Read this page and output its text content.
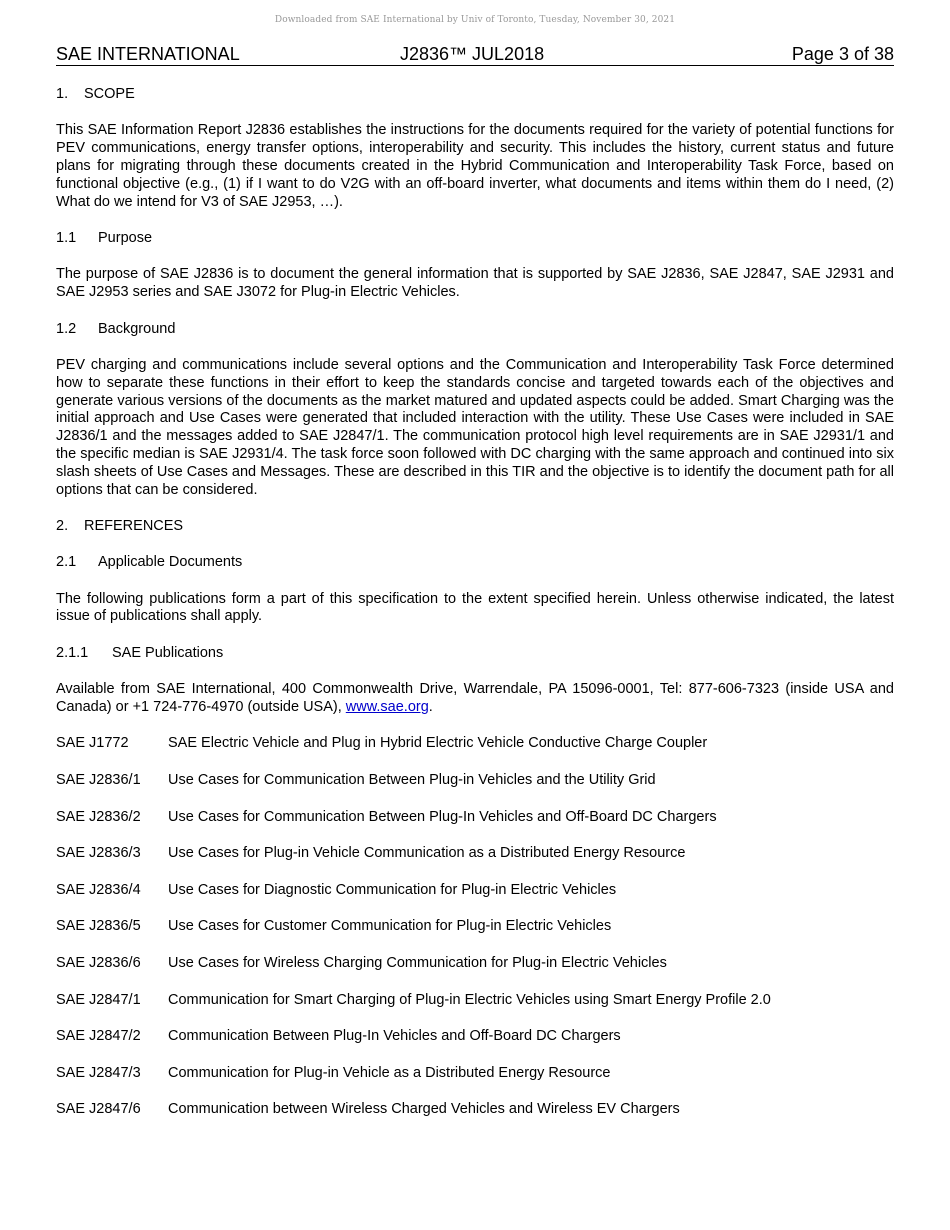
Downloaded from SAE International by Univ of Toronto, Tuesday, November 30, 2021
SAE INTERNATIONAL	J2836™ JUL2018	Page 3 of 38
1. SCOPE

This SAE Information Report J2836 establishes the instructions for the documents required for the variety of potential functions for PEV communications, energy transfer options, interoperability and security. This includes the history, current status and future plans for migrating through these documents created in the Hybrid Communication and Interoperability Task Force, based on functional objective (e.g., (1) if I want to do V2G with an off-board inverter, what documents and items within them do I need, (2) What do we intend for V3 of SAE J2953, …).

1.1 Purpose

The purpose of SAE J2836 is to document the general information that is supported by SAE J2836, SAE J2847, SAE J2931 and SAE J2953 series and SAE J3072 for Plug-in Electric Vehicles.

1.2 Background

PEV charging and communications include several options and the Communication and Interoperability Task Force determined how to separate these functions in their effort to keep the standards concise and targeted towards each of the objectives and generate various versions of the documents as the market matured and updated aspects could be added. Smart Charging was the initial approach and Use Cases were generated that included interaction with the utility. These Use Cases were included in SAE J2836/1 and the messages added to SAE J2847/1. The communication protocol high level requirements are in SAE J2931/1 and the specific median is SAE J2931/4. The task force soon followed with DC charging with the same approach and continued into six slash sheets of Use Cases and Messages. These are described in this TIR and the objective is to identify the document path for all options that can be considered.

2. REFERENCES
2.1 Applicable Documents

The following publications form a part of this specification to the extent specified herein. Unless otherwise indicated, the latest issue of publications shall apply.

2.1.1 SAE Publications

Available from SAE International, 400 Commonwealth Drive, Warrendale, PA 15096-0001, Tel: 877-606-7323 (inside USA and Canada) or +1 724-776-4970 (outside USA), www.sae.org.

SAE J1772	SAE Electric Vehicle and Plug in Hybrid Electric Vehicle Conductive Charge Coupler
SAE J2836/1 Use Cases for Communication Between Plug-in Vehicles and the Utility Grid
SAE J2836/2 Use Cases for Communication Between Plug-In Vehicles and Off-Board DC Chargers
SAE J2836/3 Use Cases for Plug-in Vehicle Communication as a Distributed Energy Resource
SAE J2836/4 Use Cases for Diagnostic Communication for Plug-in Electric Vehicles
SAE J2836/5 Use Cases for Customer Communication for Plug-in Electric Vehicles
SAE J2836/6 Use Cases for Wireless Charging Communication for Plug-in Electric Vehicles
SAE J2847/1 Communication for Smart Charging of Plug-in Electric Vehicles using Smart Energy Profile 2.0
SAE J2847/2 Communication Between Plug-In Vehicles and Off-Board DC Chargers
SAE J2847/3 Communication for Plug-in Vehicle as a Distributed Energy Resource
SAE J2847/6 Communication between Wireless Charged Vehicles and Wireless EV Chargers
